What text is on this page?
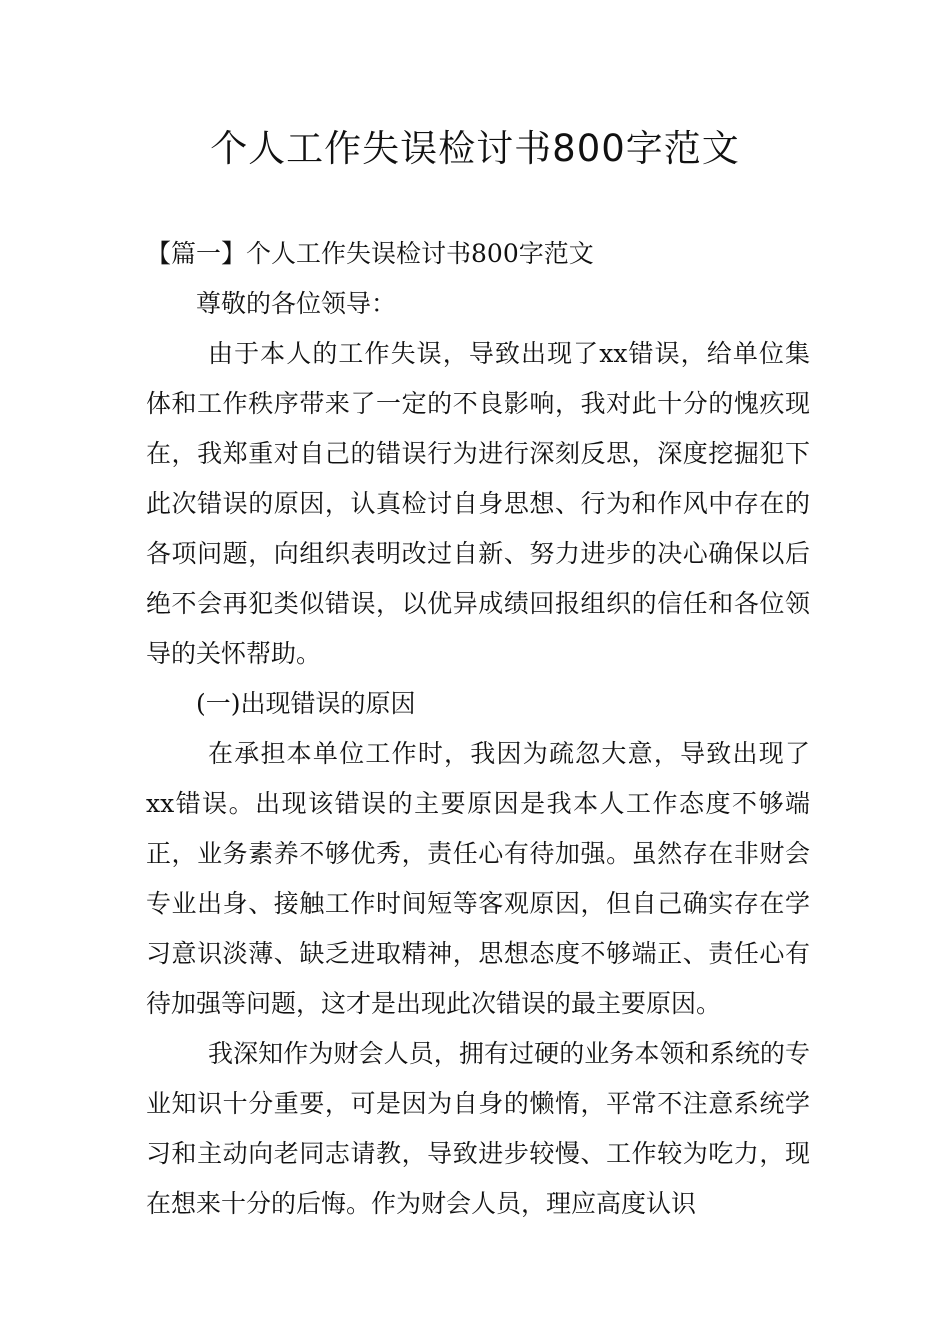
个人工作失误检讨书800字范文

【篇一】个人工作失误检讨书800字范文

尊敬的各位领导：

由于本人的工作失误，导致出现了xx错误，给单位集体和工作秩序带来了一定的不良影响，我对此十分的愧疚现在，我郑重对自己的错误行为进行深刻反思，深度挖掘犯下此次错误的原因，认真检讨自身思想、行为和作风中存在的各项问题，向组织表明改过自新、努力进步的决心确保以后绝不会再犯类似错误，以优异成绩回报组织的信任和各位领导的关怀帮助。

(一)出现错误的原因

在承担本单位工作时，我因为疏忽大意，导致出现了xx错误。出现该错误的主要原因是我本人工作态度不够端正，业务素养不够优秀，责任心有待加强。虽然存在非财会专业出身、接触工作时间短等客观原因，但自己确实存在学习意识淡薄、缺乏进取精神，思想态度不够端正、责任心有待加强等问题，这才是出现此次错误的最主要原因。

我深知作为财会人员，拥有过硬的业务本领和系统的专业知识十分重要，可是因为自身的懒惰，平常不注意系统学习和主动向老同志请教，导致进步较慢、工作较为吃力，现在想来十分的后悔。作为财会人员，理应高度认识
